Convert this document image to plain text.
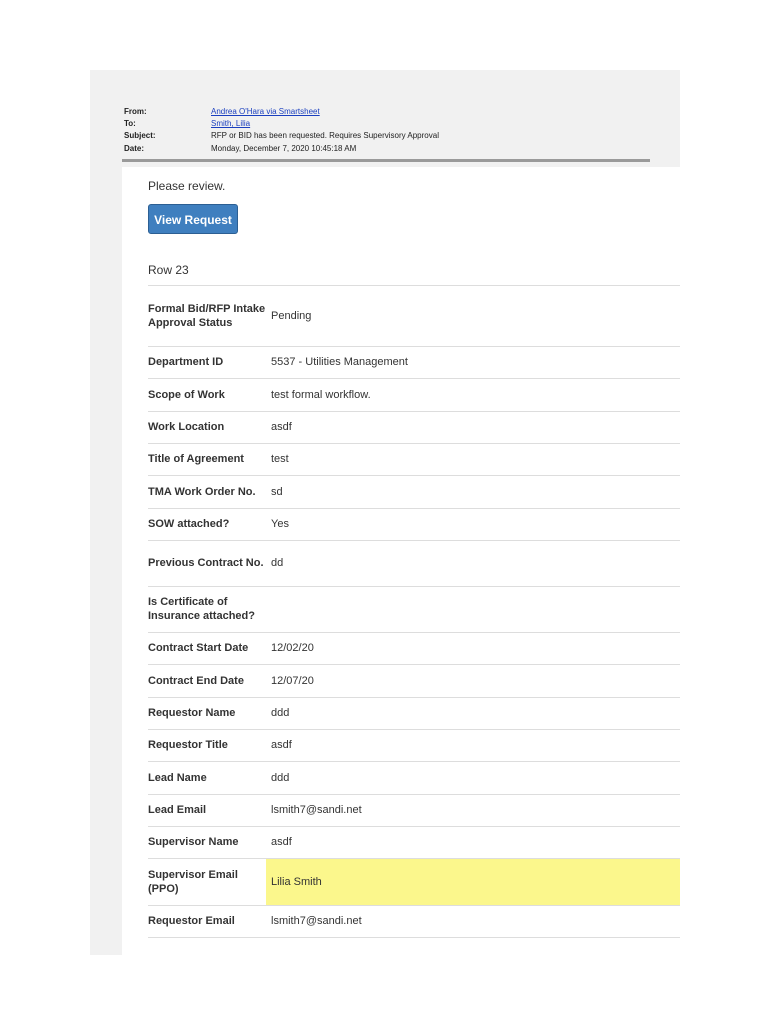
From:	Andrea O'Hara via Smartsheet
To:	Smith, Lilia
Subject:	RFP or BID has been requested. Requires Supervisory Approval
Date:	Monday, December 7, 2020 10:45:18 AM
Please review.
View Request
Row 23
Formal Bid/RFP Intake Approval Status	Pending
Department ID	5537 - Utilities Management
Scope of Work	test formal workflow.
Work Location	asdf
Title of Agreement	test
TMA Work Order No.	sd
SOW attached?	Yes
Previous Contract No.	dd
Is Certificate of Insurance attached?	
Contract Start Date	12/02/20
Contract End Date	12/07/20
Requestor Name	ddd
Requestor Title	asdf
Lead Name	ddd
Lead Email	lsmith7@sandi.net
Supervisor Name	asdf
Supervisor Email (PPO)	Lilia Smith
Requestor Email	lsmith7@sandi.net
